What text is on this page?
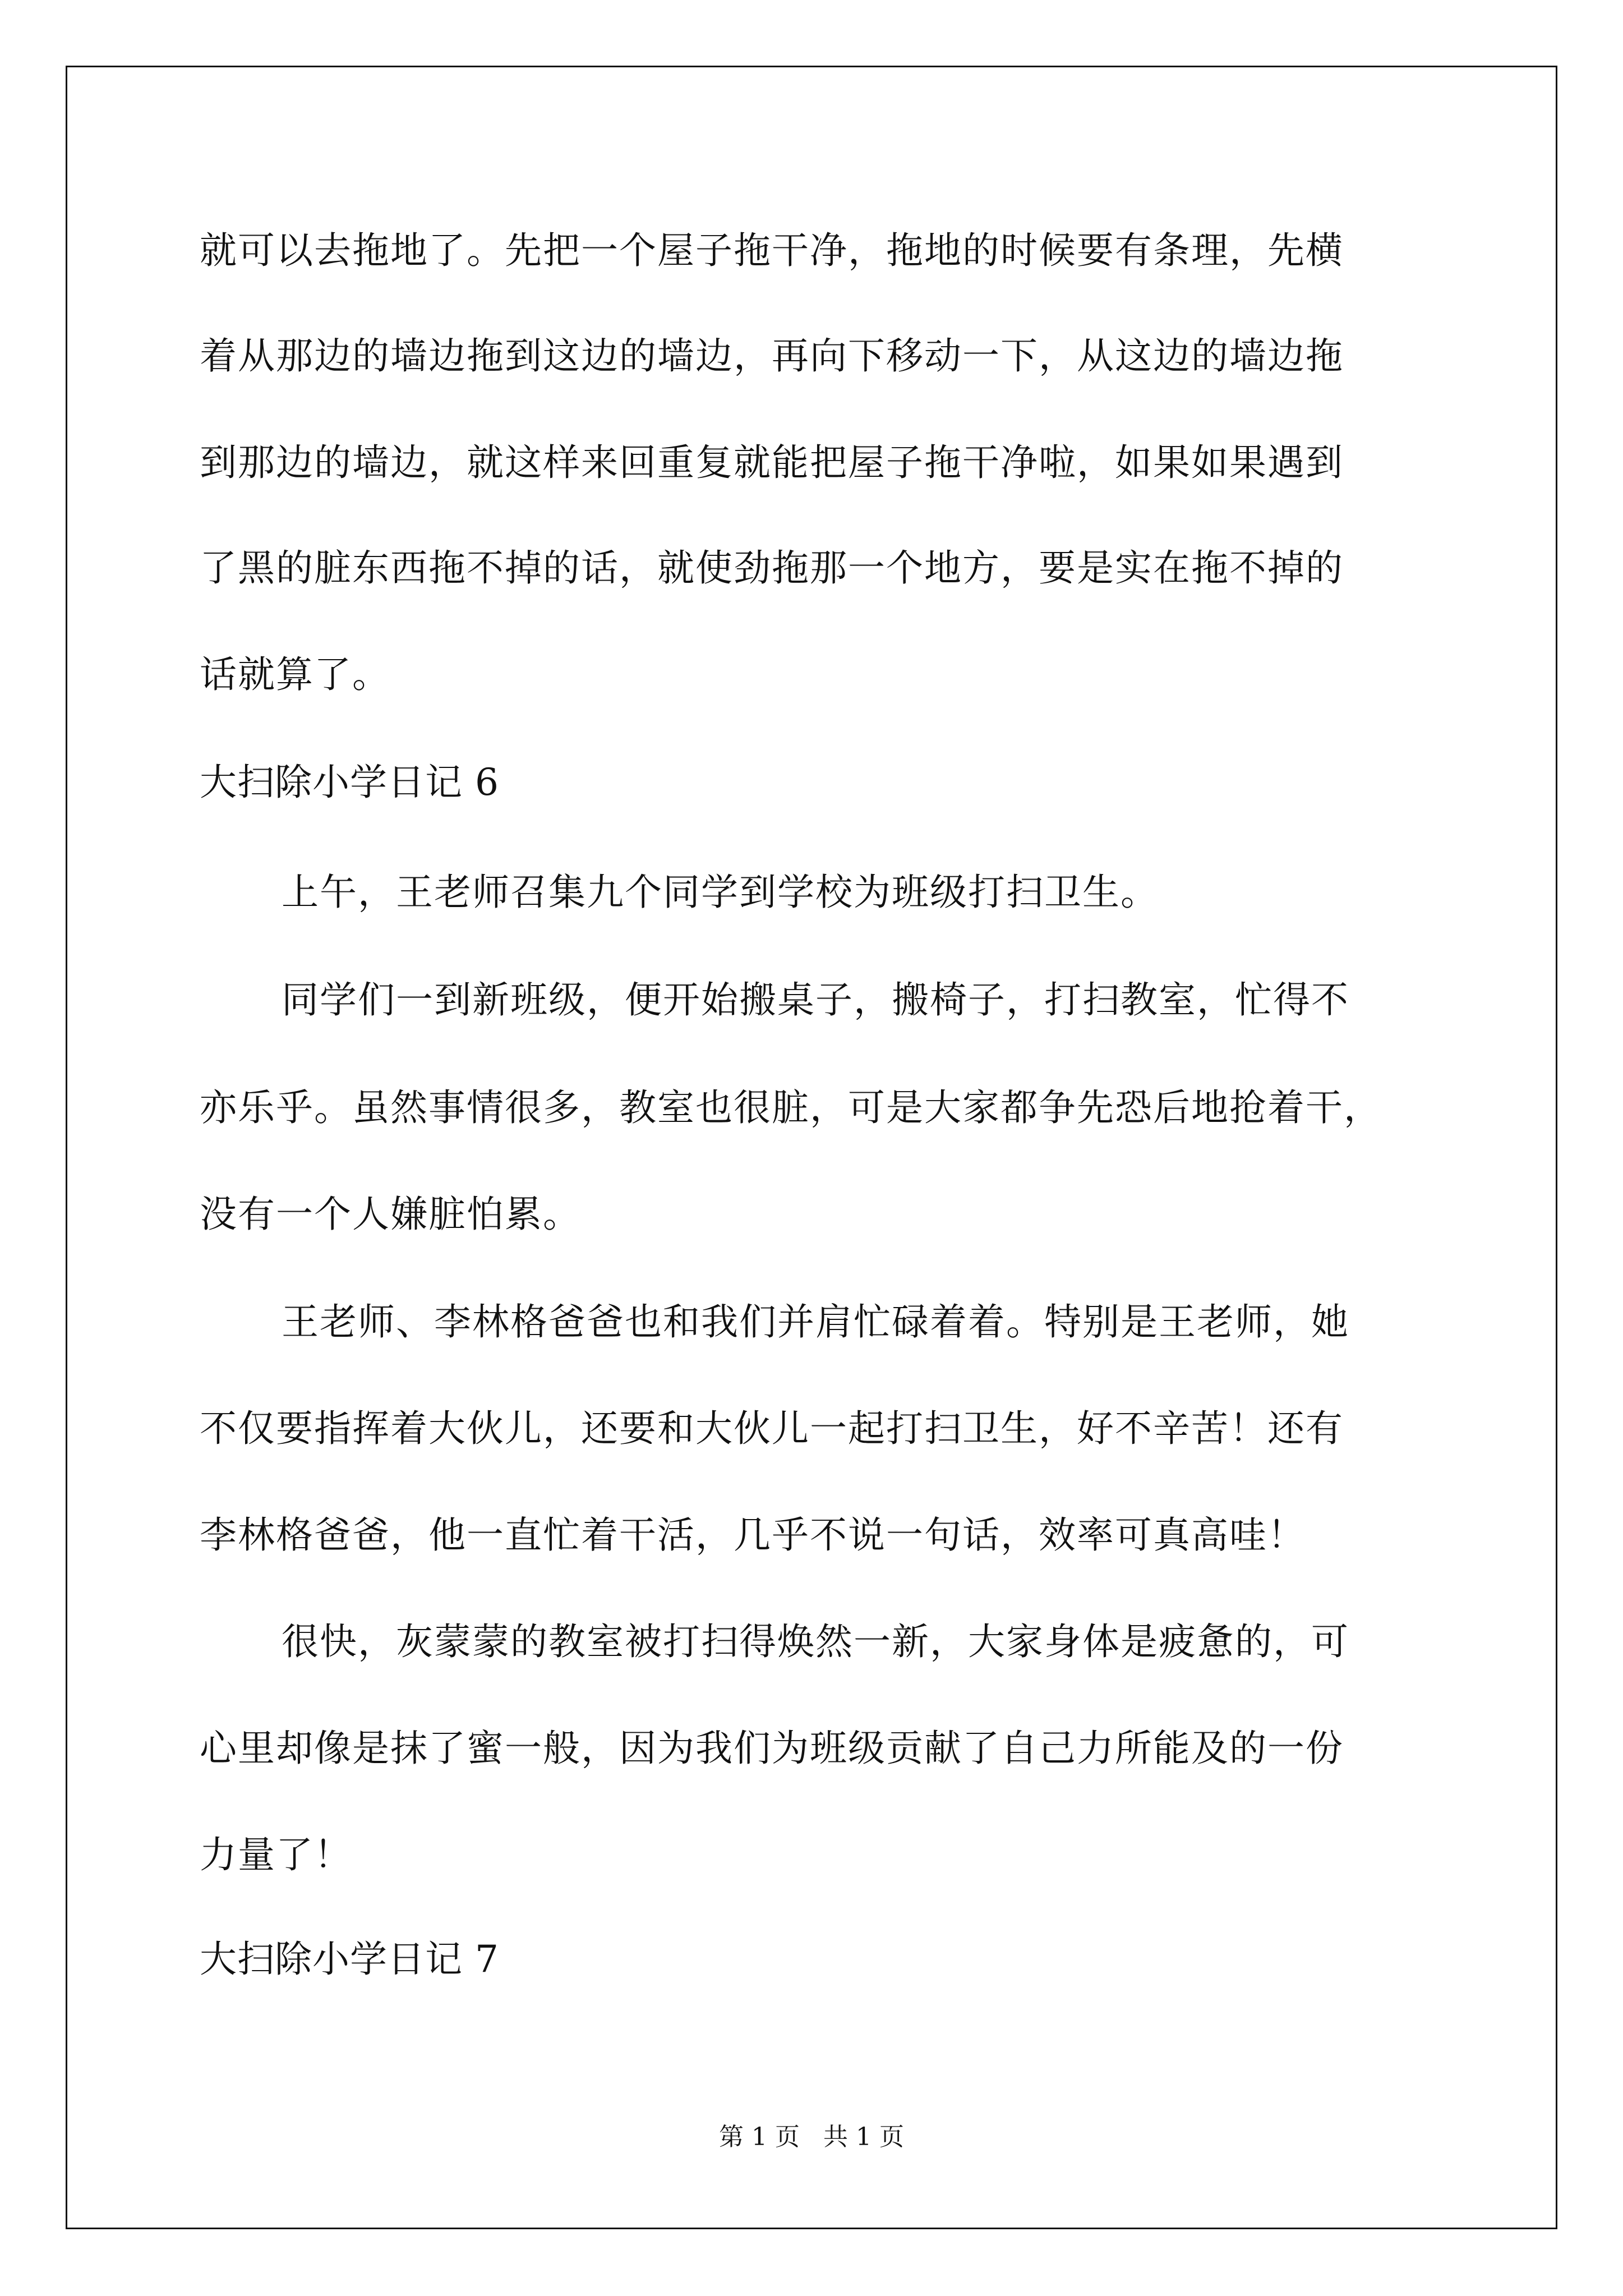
就可以去拖地了。先把一个屋子拖干净，拖地的时候要有条理，先横
着从那边的墙边拖到这边的墙边，再向下移动一下，从这边的墙边拖
到那边的墙边，就这样来回重复就能把屋子拖干净啦，如果如果遇到
了黑的脏东西拖不掉的话，就使劲拖那一个地方，要是实在拖不掉的
话就算了。
大扫除小学日记 6
上午，王老师召集九个同学到学校为班级打扫卫生。
同学们一到新班级，便开始搬桌子，搬椅子，打扫教室，忙得不
亦乐乎。虽然事情很多，教室也很脏，可是大家都争先恐后地抢着干，
没有一个人嫌脏怕累。
王老师、李林格爸爸也和我们并肩忙碌着着。特别是王老师，她
不仅要指挥着大伙儿，还要和大伙儿一起打扫卫生，好不辛苦！还有
李林格爸爸，他一直忙着干活，几乎不说一句话，效率可真高哇！
很快，灰蒙蒙的教室被打扫得焕然一新，大家身体是疲惫的，可
心里却像是抹了蜜一般，因为我们为班级贡献了自己力所能及的一份
力量了！
大扫除小学日记 7
第 1 页   共 1 页
